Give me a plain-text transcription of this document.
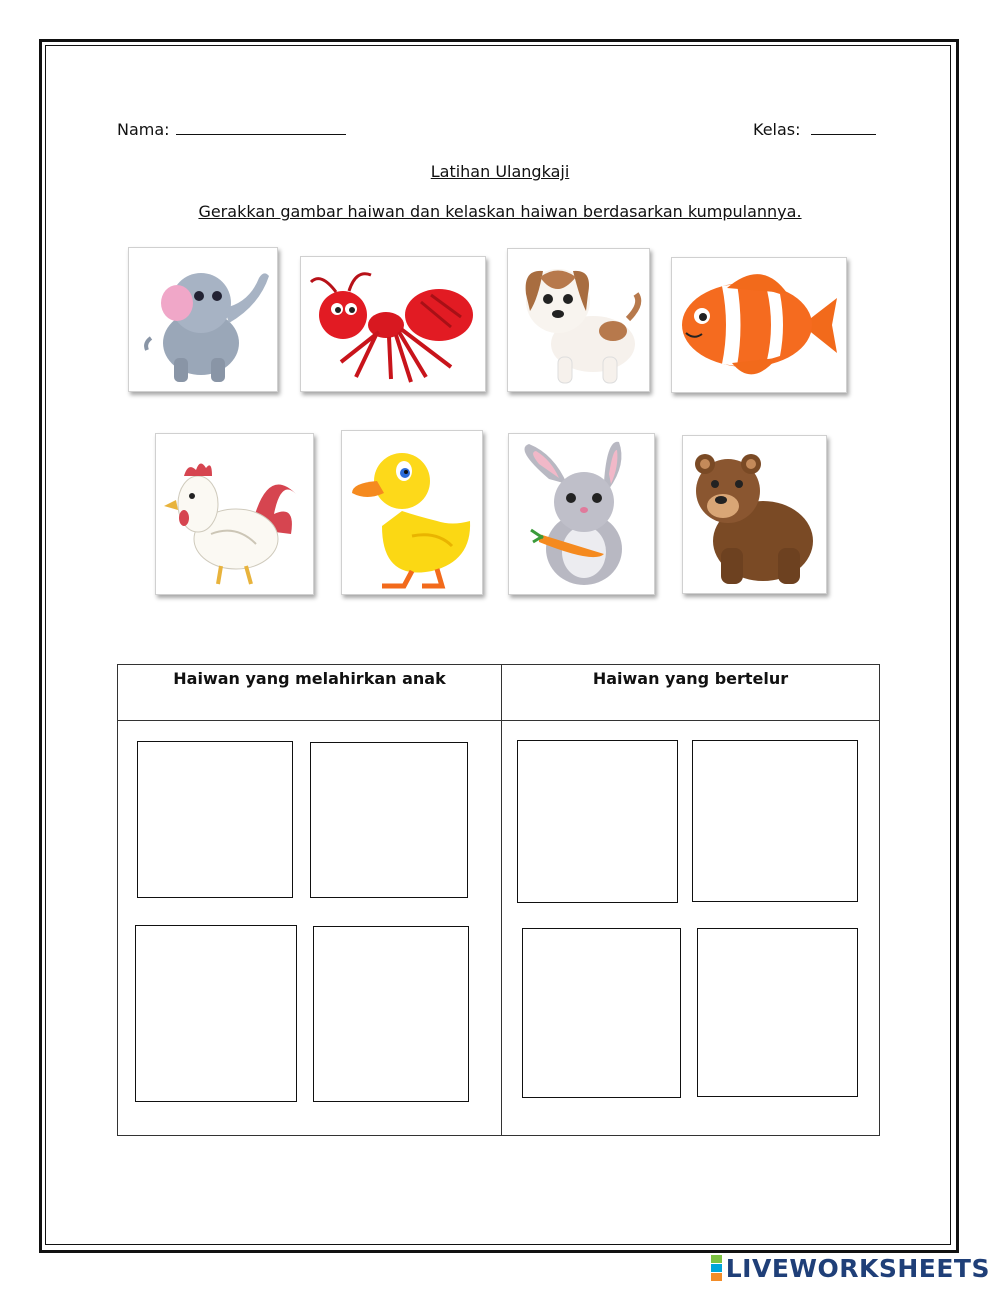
Nama:	Kelas:
Latihan Ulangkaji
Gerakkan gambar haiwan dan kelaskan haiwan berdasarkan kumpulannya.
Haiwan yang melahirkan anak	Haiwan yang bertelur

LIVEWORKSHEETS
